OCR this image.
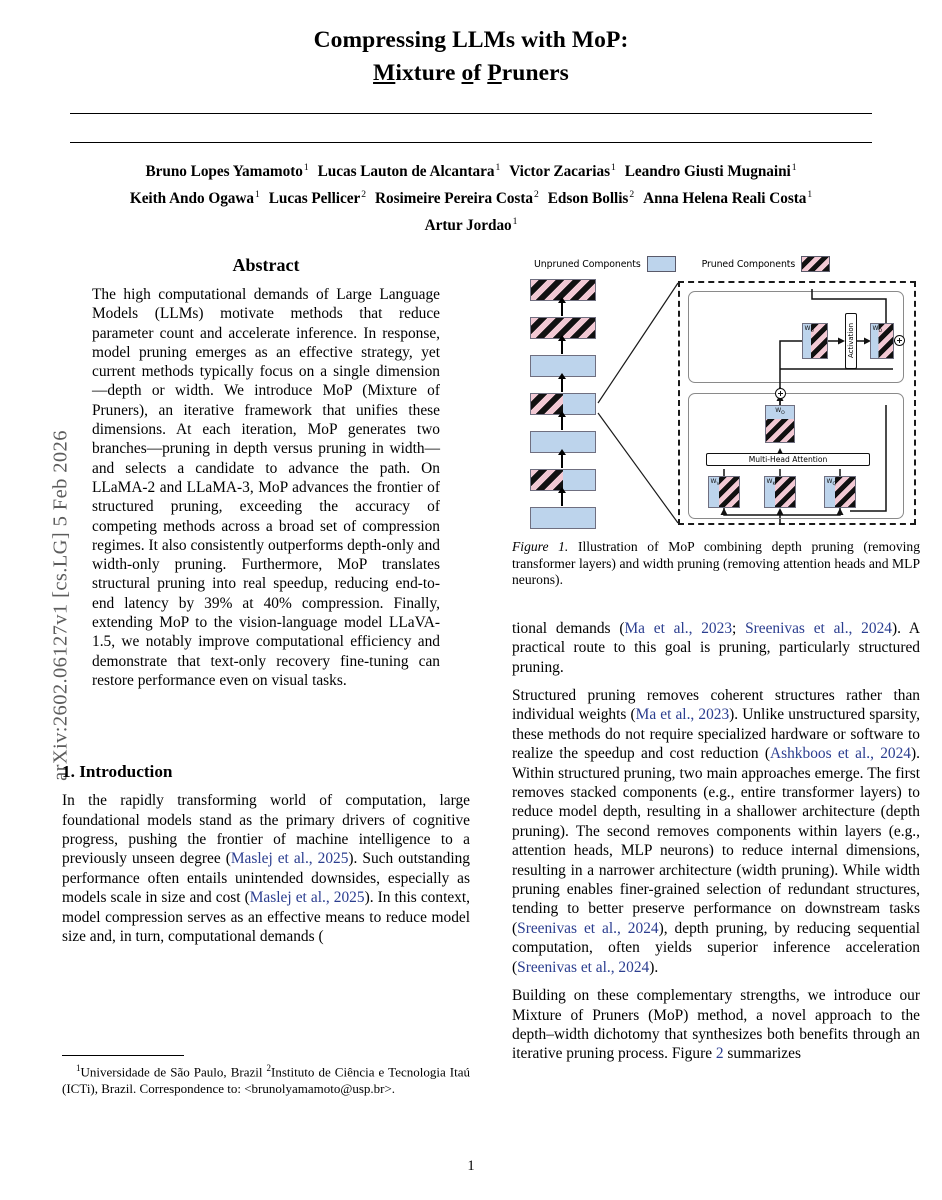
arXiv:2602.06127v1 [cs.LG] 5 Feb 2026
Compressing LLMs with MoP:
Mixture of Pruners
Bruno Lopes Yamamoto$^1$ Lucas Lauton de Alcantara$^1$ Victor Zacarias$^1$ Leandro Giusti Mugnaini$^1$
Keith Ando Ogawa$^1$ Lucas Pellicer$^2$ Rosimeire Pereira Costa$^2$ Edson Bollis$^2$ Anna Helena Reali Costa$^1$
Artur Jordao$^1$
Abstract
The high computational demands of Large Language Models (LLMs) motivate methods that reduce parameter count and accelerate inference. In response, model pruning emerges as an effective strategy, yet current methods typically focus on a single dimension—depth or width. We introduce MoP (Mixture of Pruners), an iterative framework that unifies these dimensions. At each iteration, MoP generates two branches—pruning in depth versus pruning in width—and selects a candidate to advance the path. On LLaMA-2 and LLaMA-3, MoP advances the frontier of structured pruning, exceeding the accuracy of competing methods across a broad set of compression regimes. It also consistently outperforms depth-only and width-only pruning. Furthermore, MoP translates structural pruning into real speedup, reducing end-to-end latency by 39% at 40% compression. Finally, extending MoP to the vision-language model LLaVA-1.5, we notably improve computational efficiency and demonstrate that text-only recovery fine-tuning can restore performance even on visual tasks.
1. Introduction

In the rapidly transforming world of computation, large foundational models stand as the primary drivers of cognitive progress, pushing the frontier of machine intelligence to a previously unseen degree (Maslej et al., 2025). Such outstanding performance often entails unintended downsides, especially as models scale in size and cost (Maslej et al., 2025). In this context, model compression serves as an effective means to reduce model size and, in turn, computational demands (

$^1$Universidade de São Paulo, Brazil $^2$Instituto de Ciência e Tecnologia Itaú (ICTi), Brazil. Correspondence to: <brunolyamamoto@usp.br>.
Unpruned Components	Pruned Components
$W_U$	Activation	$W_D$
$W_O$
Multi-Head Attention
$W_V$	$W_K$	$W_Q$

Figure 1. Illustration of MoP combining depth pruning (removing transformer layers) and width pruning (removing attention heads and MLP neurons).

tional demands (Ma et al., 2023; Sreenivas et al., 2024). A practical route to this goal is pruning, particularly structured pruning.

Structured pruning removes coherent structures rather than individual weights (Ma et al., 2023). Unlike unstructured sparsity, these methods do not require specialized hardware or software to realize the speedup and cost reduction (Ashkboos et al., 2024). Within structured pruning, two main approaches emerge. The first removes stacked components (e.g., entire transformer layers) to reduce model depth, resulting in a shallower architecture (depth pruning). The second removes components within layers (e.g., attention heads, MLP neurons) to reduce internal dimensions, resulting in a narrower architecture (width pruning). While width pruning enables finer-grained selection of redundant structures, tending to better preserve performance on downstream tasks (Sreenivas et al., 2024), depth pruning, by reducing sequential computation, often yields superior inference acceleration (Sreenivas et al., 2024).

Building on these complementary strengths, we introduce our Mixture of Pruners (MoP) method, a novel approach to the depth–width dichotomy that synthesizes both benefits through an iterative pruning process. Figure 2 summarizes

1
